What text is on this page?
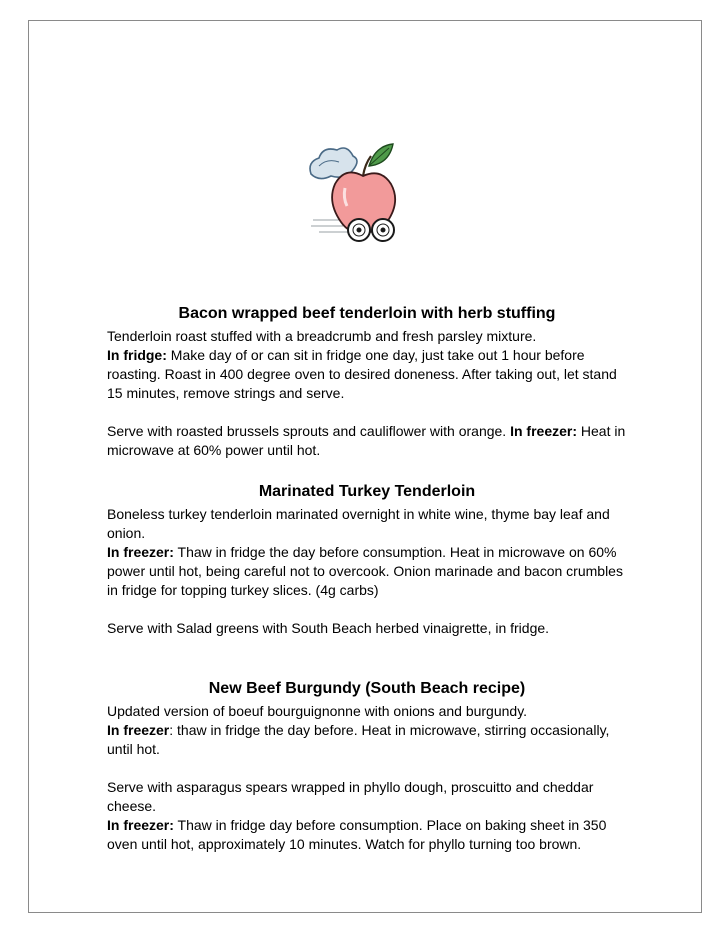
Bacon wrapped beef tenderloin with herb stuffing

Tenderloin roast stuffed with a breadcrumb and fresh parsley mixture.
In fridge: Make day of or can sit in fridge one day, just take out 1 hour before roasting. Roast in 400 degree oven to desired doneness. After taking out, let stand 15 minutes, remove strings and serve.

Serve with roasted brussels sprouts and cauliflower with orange. In freezer: Heat in microwave at 60% power until hot.

Marinated Turkey Tenderloin

Boneless turkey tenderloin marinated overnight in white wine, thyme bay leaf and onion.
In freezer: Thaw in fridge the day before consumption. Heat in microwave on 60% power until hot, being careful not to overcook. Onion marinade and bacon crumbles in fridge for topping turkey slices. (4g carbs)

Serve with Salad greens with South Beach herbed vinaigrette, in fridge.

New Beef Burgundy (South Beach recipe)

Updated version of boeuf bourguignonne with onions and burgundy.
In freezer: thaw in fridge the day before. Heat in microwave, stirring occasionally, until hot.

Serve with asparagus spears wrapped in phyllo dough, proscuitto and cheddar cheese.
In freezer: Thaw in fridge day before consumption. Place on baking sheet in 350 oven until hot, approximately 10 minutes. Watch for phyllo turning too brown.
